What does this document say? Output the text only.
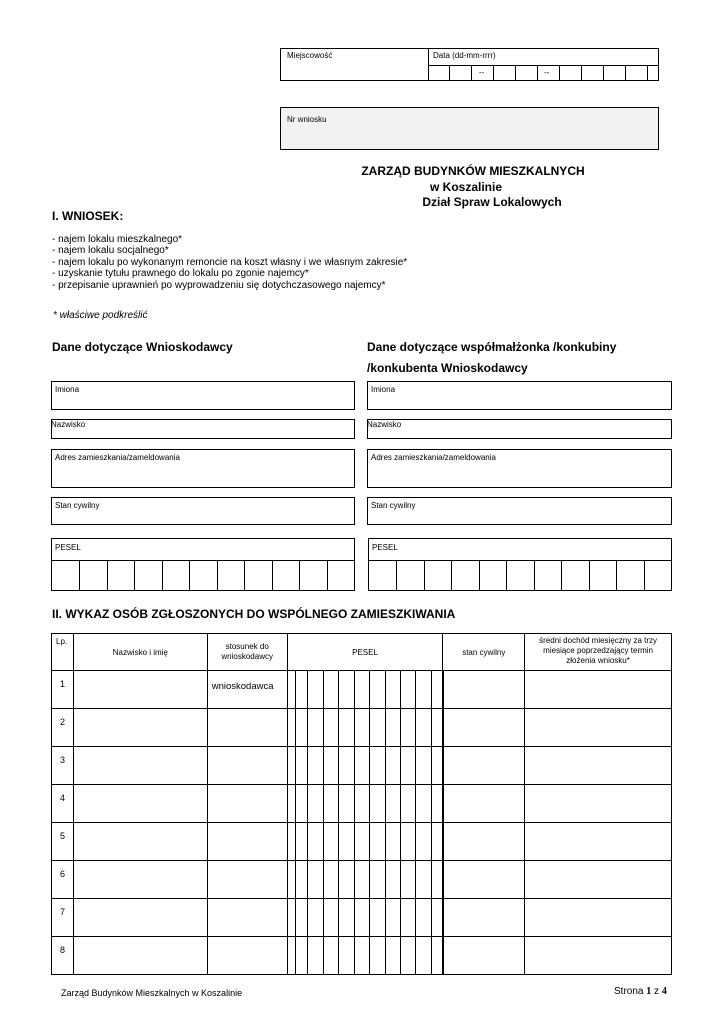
Miejscowość	Data (dd-mm-rrrr)
--	--
Nr wniosku
ZARZĄD BUDYNKÓW MIESZKALNYCH
w Koszalinie
Dział Spraw Lokalowych
I. WNIOSEK:
- najem lokalu mieszkalnego*
- najem lokalu socjalnego*
- najem lokalu po wykonanym remoncie na koszt własny i we własnym zakresie*
- uzyskanie tytułu prawnego do lokalu po zgonie najemcy*
- przepisanie uprawnień po wyprowadzeniu się dotychczasowego najemcy*
* właściwe podkreślić
Dane dotyczące Wnioskodawcy	Dane dotyczące współmałżonka /konkubiny
/konkubenta Wnioskodawcy
Imiona
Nazwisko
Adres zamieszkania/zameldowania
Stan cywilny
PESEL
Imiona
Nazwisko
Adres zamieszkania/zameldowania
Stan cywilny
PESEL
II. WYKAZ OSÓB ZGŁOSZONYCH DO WSPÓLNEGO ZAMIESZKIWANIA
Lp.	Nazwisko i imię	stosunek do wnioskodawcy	PESEL	stan cywilny	średni dochód miesięczny za trzy miesiące poprzedzający termin złożenia wniosku*

1		wnioskodawca			

2					

3					

4					

5					

6					

7					

8					

Zarząd Budynków Mieszkalnych w Koszalinie	Strona 1 z 4
